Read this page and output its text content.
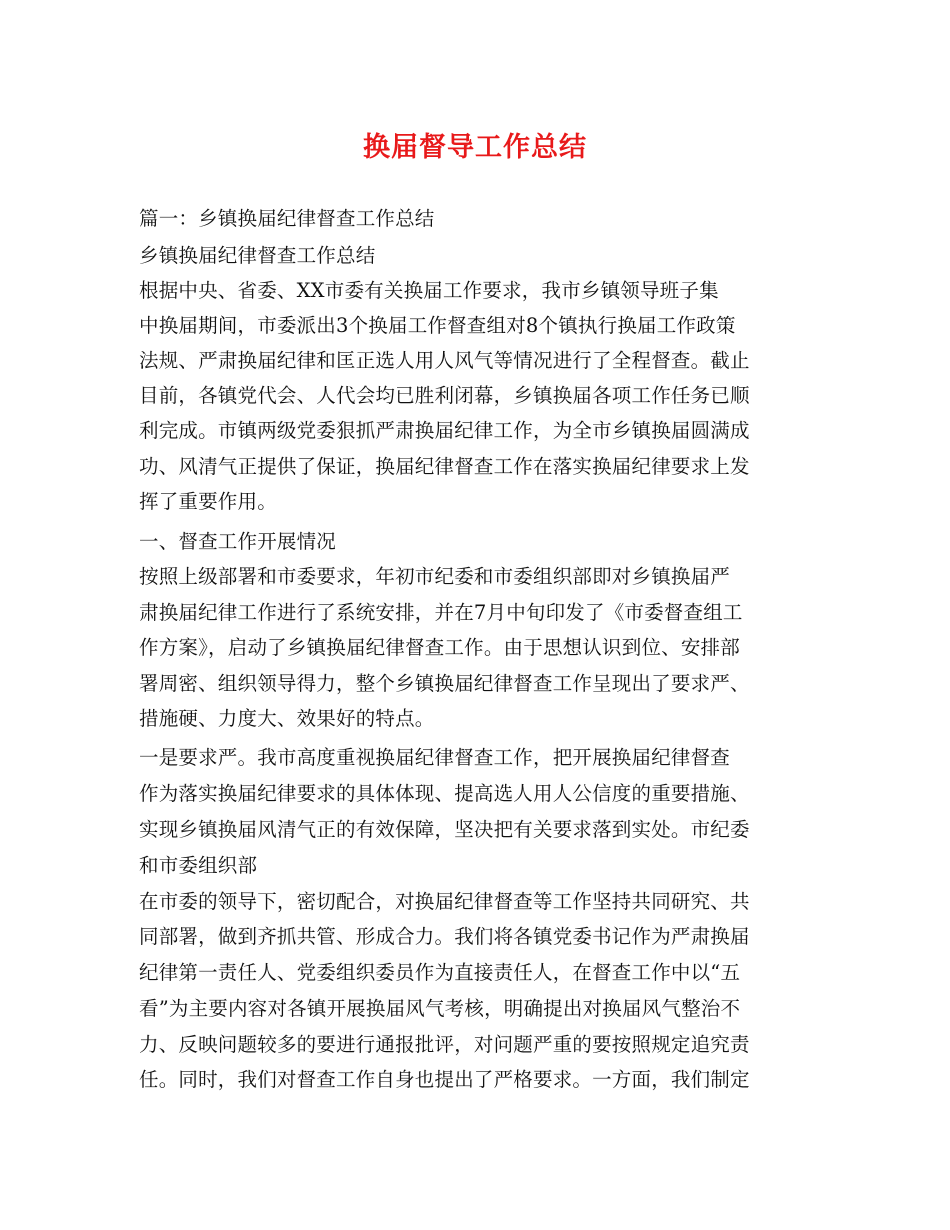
换届督导工作总结
篇一：乡镇换届纪律督查工作总结
乡镇换届纪律督查工作总结
根据中央、省委、XX市委有关换届工作要求，我市乡镇领导班子集
中换届期间，市委派出3个换届工作督查组对8个镇执行换届工作政策
法规、严肃换届纪律和匡正选人用人风气等情况进行了全程督查。截止
目前，各镇党代会、人代会均已胜利闭幕，乡镇换届各项工作任务已顺
利完成。市镇两级党委狠抓严肃换届纪律工作，为全市乡镇换届圆满成
功、风清气正提供了保证，换届纪律督查工作在落实换届纪律要求上发
挥了重要作用。
一、督查工作开展情况
按照上级部署和市委要求，年初市纪委和市委组织部即对乡镇换届严
肃换届纪律工作进行了系统安排，并在7月中旬印发了《市委督查组工
作方案》，启动了乡镇换届纪律督查工作。由于思想认识到位、安排部
署周密、组织领导得力，整个乡镇换届纪律督查工作呈现出了要求严、
措施硬、力度大、效果好的特点。
一是要求严。我市高度重视换届纪律督查工作，把开展换届纪律督查
作为落实换届纪律要求的具体体现、提高选人用人公信度的重要措施、
实现乡镇换届风清气正的有效保障，坚决把有关要求落到实处。市纪委
和市委组织部
在市委的领导下，密切配合，对换届纪律督查等工作坚持共同研究、共
同部署，做到齐抓共管、形成合力。我们将各镇党委书记作为严肃换届
纪律第一责任人、党委组织委员作为直接责任人，在督查工作中以“五
看”为主要内容对各镇开展换届风气考核，明确提出对换届风气整治不
力、反映问题较多的要进行通报批评，对问题严重的要按照规定追究责
任。同时，我们对督查工作自身也提出了严格要求。一方面，我们制定
